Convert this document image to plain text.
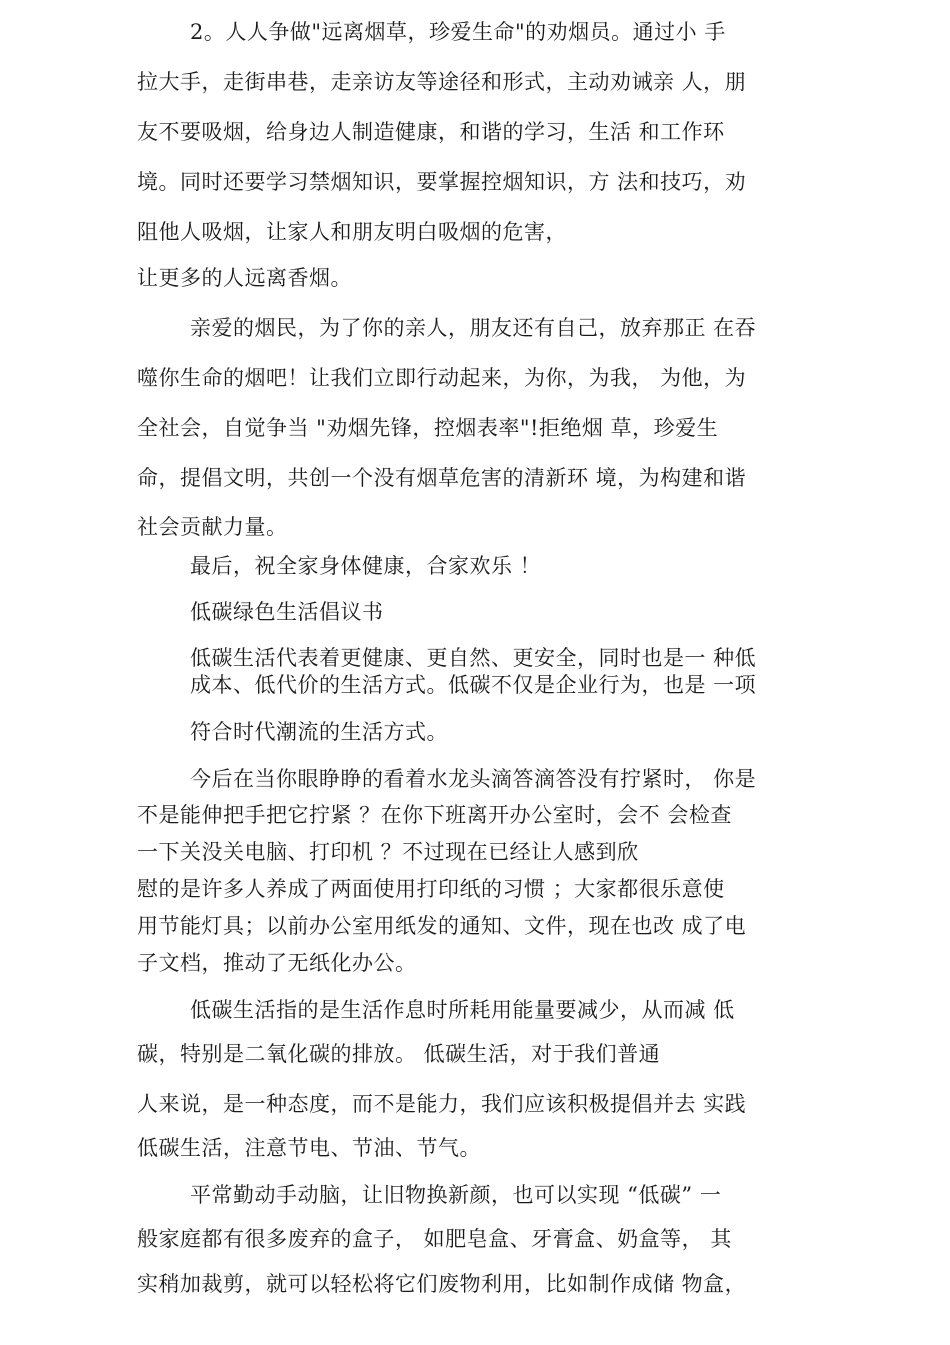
2。人人争做"远离烟草，珍爱生命"的劝烟员。通过小 手
拉大手，走街串巷，走亲访友等途径和形式，主动劝诫亲 人，朋
友不要吸烟，给身边人制造健康，和谐的学习，生活 和工作环
境。同时还要学习禁烟知识，要掌握控烟知识，方 法和技巧，劝
阻他人吸烟，让家人和朋友明白吸烟的危害，
让更多的人远离香烟。
亲爱的烟民，为了你的亲人，朋友还有自己，放弃那正 在吞
噬你生命的烟吧！让我们立即行动起来，为你，为我， 为他，为
全社会，自觉争当 "劝烟先锋，控烟表率"!拒绝烟 草，珍爱生
命，提倡文明，共创一个没有烟草危害的清新环 境，为构建和谐
社会贡献力量。
最后，祝全家身体健康，合家欢乐 ！
低碳绿色生活倡议书
低碳生活代表着更健康、更自然、更安全，同时也是一 种低
成本、低代价的生活方式。低碳不仅是企业行为，也是 一项
符合时代潮流的生活方式。
今后在当你眼睁睁的看着水龙头滴答滴答没有拧紧时， 你是
不是能伸把手把它拧紧 ？在你下班离开办公室时，会不 会检查
一下关没关电脑、打印机 ？不过现在已经让人感到欣
慰的是许多人养成了两面使用打印纸的习惯 ；大家都很乐意使
用节能灯具；以前办公室用纸发的通知、文件，现在也改 成了电
子文档，推动了无纸化办公。
低碳生活指的是生活作息时所耗用能量要减少，从而减 低
碳，特别是二氧化碳的排放。 低碳生活，对于我们普通
人来说，是一种态度，而不是能力，我们应该积极提倡并去 实践
低碳生活，注意节电、节油、节气。
平常勤动手动脑，让旧物换新颜，也可以实现 “低碳” 一
般家庭都有很多废弃的盒子， 如肥皂盒、牙膏盒、奶盒等， 其
实稍加裁剪，就可以轻松将它们废物利用，比如制作成储 物盒，
